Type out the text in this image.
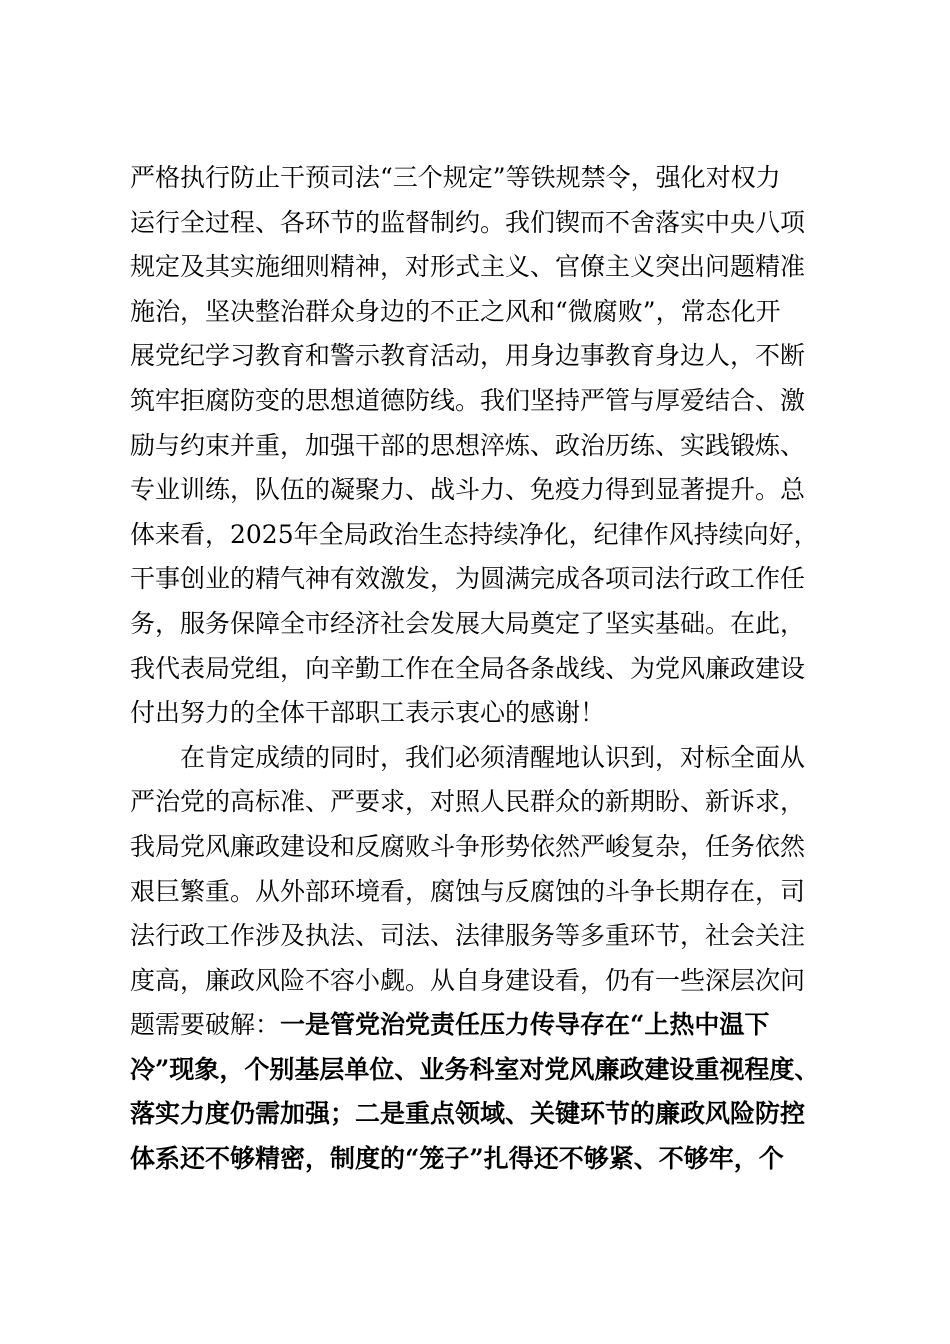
严格执行防止干预司法“三个规定”等铁规禁令，强化对权力
运行全过程、各环节的监督制约。我们锲而不舍落实中央八项
规定及其实施细则精神，对形式主义、官僚主义突出问题精准
施治，坚决整治群众身边的不正之风和“微腐败”，常态化开
展党纪学习教育和警示教育活动，用身边事教育身边人，不断
筑牢拒腐防变的思想道德防线。我们坚持严管与厚爱结合、激
励与约束并重，加强干部的思想淬炼、政治历练、实践锻炼、
专业训练，队伍的凝聚力、战斗力、免疫力得到显著提升。总
体来看，2025年全局政治生态持续净化，纪律作风持续向好，
干事创业的精气神有效激发，为圆满完成各项司法行政工作任
务，服务保障全市经济社会发展大局奠定了坚实基础。在此，
我代表局党组，向辛勤工作在全局各条战线、为党风廉政建设
付出努力的全体干部职工表示衷心的感谢！
在肯定成绩的同时，我们必须清醒地认识到，对标全面从
严治党的高标准、严要求，对照人民群众的新期盼、新诉求，
我局党风廉政建设和反腐败斗争形势依然严峻复杂，任务依然
艰巨繁重。从外部环境看，腐蚀与反腐蚀的斗争长期存在，司
法行政工作涉及执法、司法、法律服务等多重环节，社会关注
度高，廉政风险不容小觑。从自身建设看，仍有一些深层次问
题需要破解：一是管党治党责任压力传导存在“上热中温下
冷”现象，个别基层单位、业务科室对党风廉政建设重视程度、
落实力度仍需加强；二是重点领域、关键环节的廉政风险防控
体系还不够精密，制度的“笼子”扎得还不够紧、不够牢，个
